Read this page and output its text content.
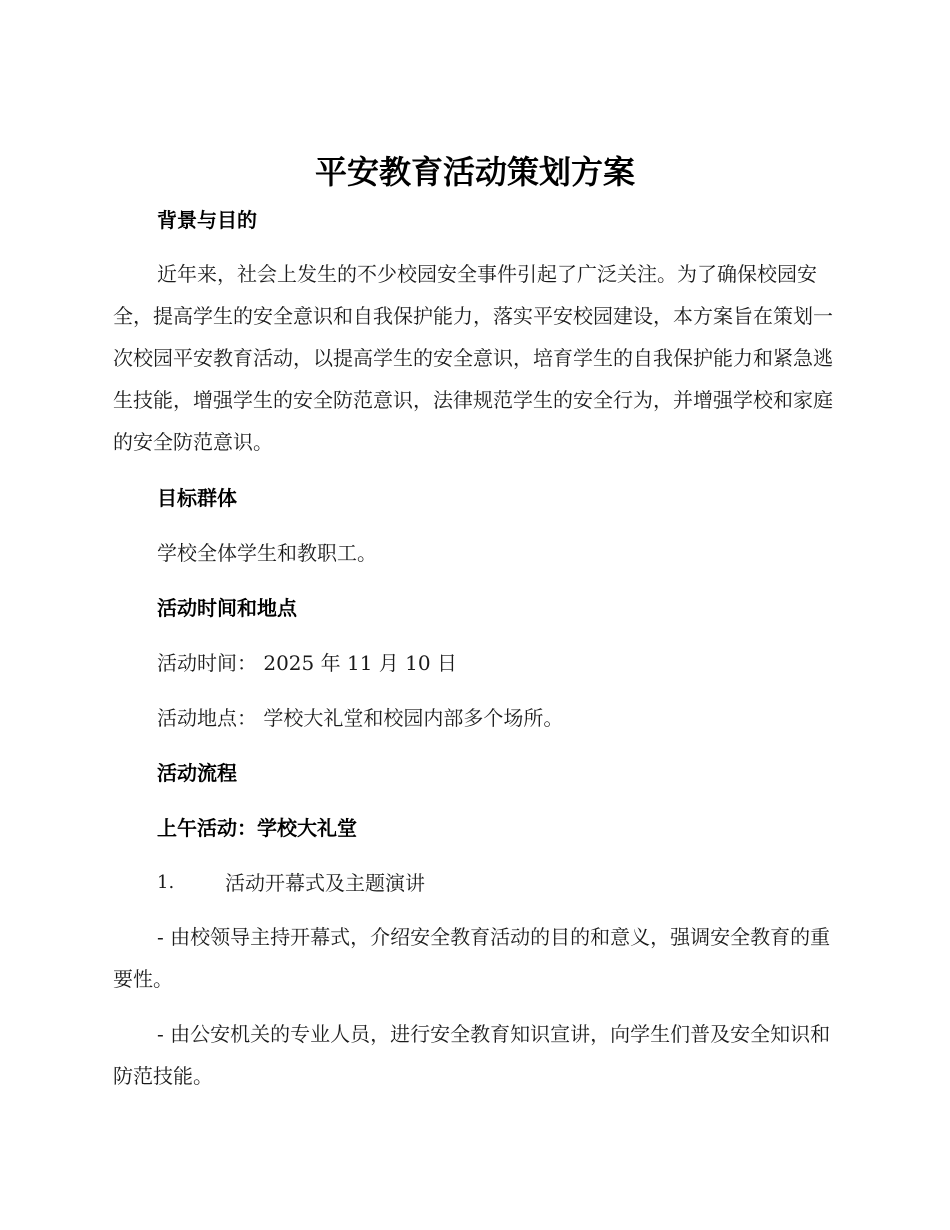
平安教育活动策划方案
背景与目的
近年来，社会上发生的不少校园安全事件引起了广泛关注。为了确保校园安全，提高学生的安全意识和自我保护能力，落实平安校园建设，本方案旨在策划一次校园平安教育活动，以提高学生的安全意识，培育学生的自我保护能力和紧急逃生技能，增强学生的安全防范意识，法律规范学生的安全行为，并增强学校和家庭的安全防范意识。
目标群体
学校全体学生和教职工。
活动时间和地点
活动时间： 2025 年 11 月 10 日
活动地点： 学校大礼堂和校园内部多个场所。
活动流程
上午活动：学校大礼堂
1.	活动开幕式及主题演讲
- 由校领导主持开幕式，介绍安全教育活动的目的和意义，强调安全教育的重要性。
- 由公安机关的专业人员，进行安全教育知识宣讲，向学生们普及安全知识和防范技能。
